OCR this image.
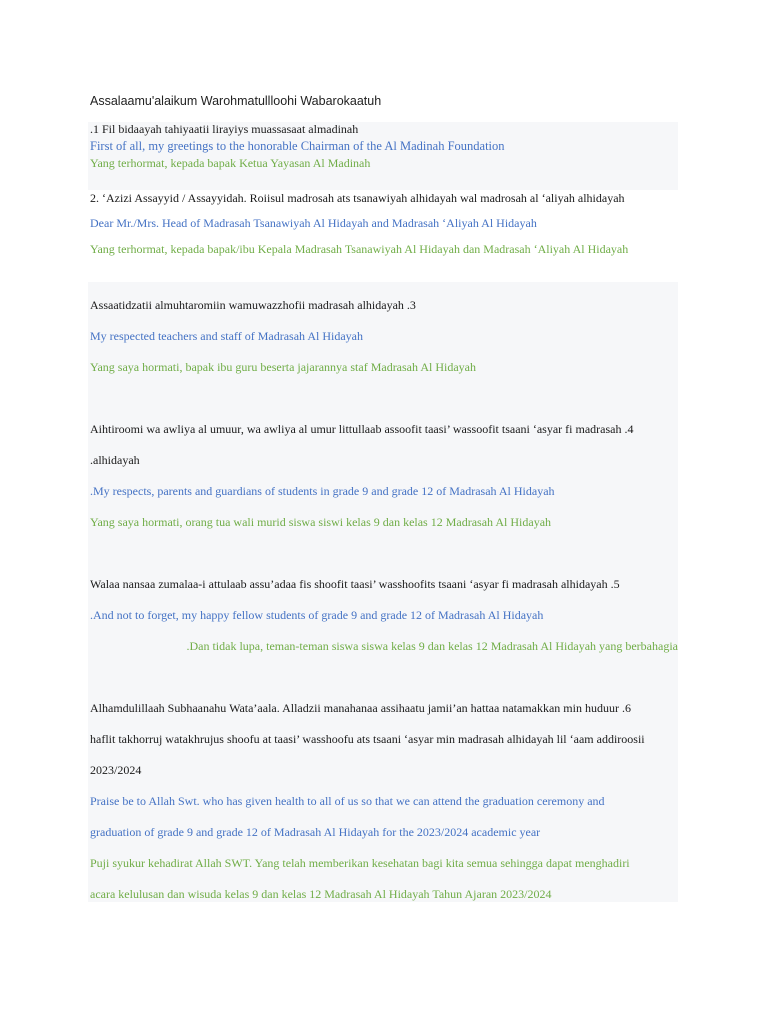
Assalaamu'alaikum Warohmatullloohi Wabarokaatuh
.1 Fil bidaayah tahiyaatii lirayiys muassasaat almadinah
First of all, my greetings to the honorable Chairman of the Al Madinah Foundation
Yang terhormat, kepada bapak Ketua Yayasan Al Madinah
2. ‘Azizi Assayyid / Assayyidah. Roiisul madrosah ats tsanawiyah alhidayah wal madrosah al ‘aliyah alhidayah
Dear Mr./Mrs. Head of Madrasah Tsanawiyah Al Hidayah and Madrasah ‘Aliyah Al Hidayah
Yang terhormat, kepada bapak/ibu Kepala Madrasah Tsanawiyah Al Hidayah dan Madrasah ‘Aliyah Al Hidayah
Assaatidzatii almuhtaromiin wamuwazzhofii madrasah alhidayah .3
My respected teachers and staff of Madrasah Al Hidayah
Yang saya hormati, bapak ibu guru beserta jajarannya staf Madrasah Al Hidayah
Aihtiroomi wa awliya al umuur, wa awliya al umur littullaab assoofit taasi’ wassoofit tsaani ‘asyar fi madrasah .4
.alhidayah
.My respects, parents and guardians of students in grade 9 and grade 12 of Madrasah Al Hidayah
Yang saya hormati, orang tua wali murid siswa siswi kelas 9 dan kelas 12 Madrasah Al Hidayah
Walaa nansaa zumalaa-i attulaab assu’adaa fis shoofit taasi’ wasshoofits tsaani ‘asyar fi madrasah alhidayah .5
.And not to forget, my happy fellow students of grade 9 and grade 12 of Madrasah Al Hidayah
.Dan tidak lupa, teman-teman siswa siswa kelas 9 dan kelas 12 Madrasah Al Hidayah yang berbahagia
Alhamdulillaah Subhaanahu Wata’aala. Alladzii manahanaa assihaatu jamii’an hattaa natamakkan min huduur .6
haflit takhorruj watakhrujus shoofu at taasi’ wasshoofu ats tsaani ‘asyar min madrasah alhidayah lil ‘aam addiroosii
2023/2024
Praise be to Allah Swt. who has given health to all of us so that we can attend the graduation ceremony and
graduation of grade 9 and grade 12 of Madrasah Al Hidayah for the 2023/2024 academic year
Puji syukur kehadirat Allah SWT. Yang telah memberikan kesehatan bagi kita semua sehingga dapat menghadiri
acara kelulusan dan wisuda kelas 9 dan kelas 12 Madrasah Al Hidayah Tahun Ajaran 2023/2024
